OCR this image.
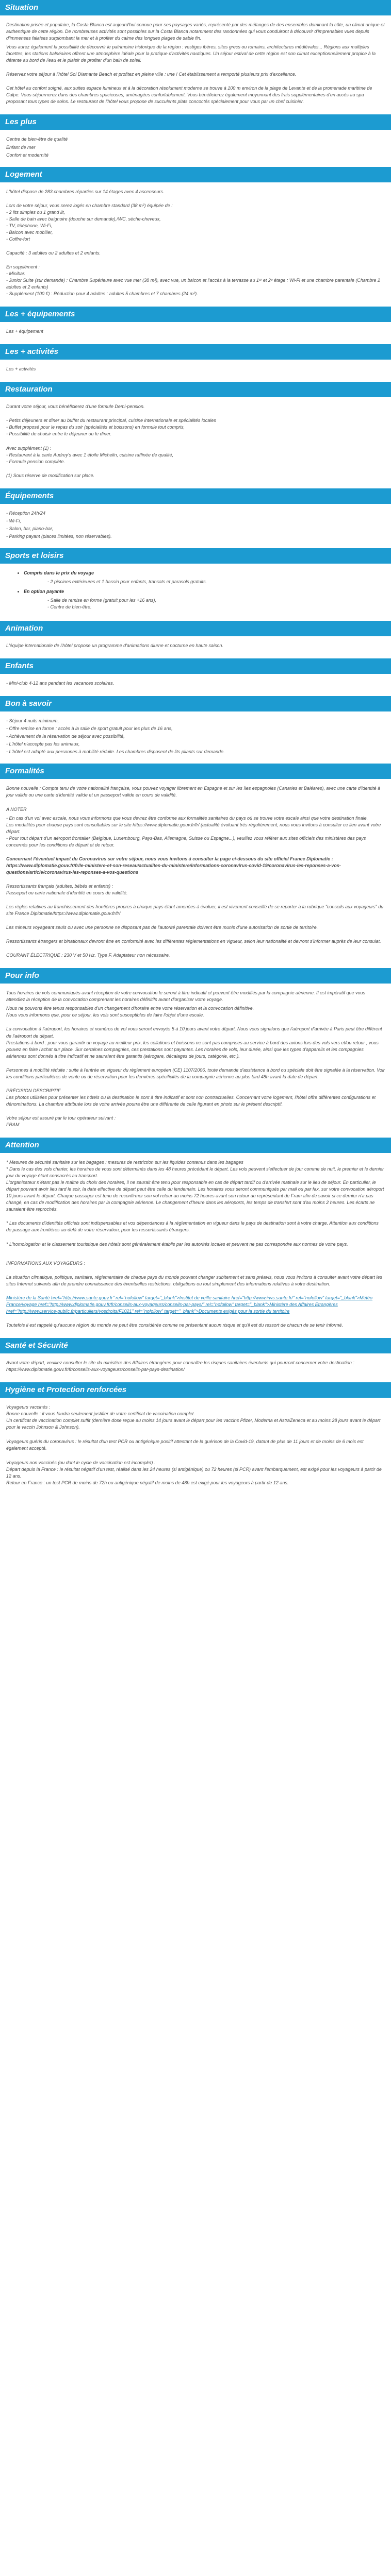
Situation

Destination prisée et populaire, la Costa Blanca est aujourd'hui connue pour ses paysages variés, représenté par des mélanges de des ensembles dominant la côte, un climat unique et authentique de cette région. De nombreuses activités sont possibles sur la Costa Blanca notamment des randonnées qui vous conduiront à découvrir d'imprenables vues depuis d'immenses falaises surplombant la mer et à profiter du calme des longues plages de sable fin.

Vous aurez également la possibilité de découvrir le patrimoine historique de la région : vestiges ibères, sites grecs ou romains, architectures médiévales... Régions aux multiples facettes, les stations balnéaires offrent une atmosphère idéale pour la pratique d'activités nautiques. Un séjour estival de cette région est son climat exceptionnellement propice à la détente au bord de l'eau et le plaisir de profiter d'un bain de soleil.

Réservez votre séjour à l'hôtel Sol Diamante Beach et profitez en pleine ville : une ! Cet établissement a remporté plusieurs prix d'excellence.

Cet hôtel au confort soigné, aux suites espace lumineux et à la décoration résolument moderne se trouve à 100 m environ de la plage de Levante et de la promenade maritime de Calpe. Vous séjournerez dans des chambres spacieuses, aménagées confortablement. Vous bénéficierez également moyennant des frais supplémentaires d'un accès au spa proposant tous types de soins. Le restaurant de l'hôtel vous propose de succulents plats concoctés spécialement pour vous par un chef cuisinier.

Les plus

Centre de bien-être de qualité

Enfant de mer

Confort et modernité

Logement

L'hôtel dispose de 283 chambres réparties sur 14 étages avec 4 ascenseurs.

Lors de votre séjour, vous serez logés en chambre standard (38 m²) équipée de :
- 2 lits simples ou 1 grand lit,
- Salle de bain avec baignoire (douche sur demande),/WC, sèche-cheveux,
- TV, téléphone, Wi-Fi,
- Balcon avec mobilier,
- Coffre-fort

Capacité : 3 adultes ou 2 adultes et 2 enfants.

En supplément :
- Minibar.
- Junior Suite (sur demande) : Chambre Supérieure avec vue mer (38 m²), avec vue, un balcon et l'accès à la terrasse au 1ᵉʳ et 2ᵉ étage : Wi-Fi et une chambre parentale (Chambre 2 adultes et 2 enfants)
- Supplément (100 €) : Réduction pour 4 adultes : adultes 5 chambres et 7 chambres (24 m²).

Les + équipements

Les + équipement

Les + activités

Les + activités

Restauration

Durant votre séjour, vous bénéficierez d'une formule Demi-pension.

- Petits déjeuners et dîner au buffet du restaurant principal, cuisine internationale et spécialités locales
- Buffet proposé pour le repas du soir (spécialités et boissons) en formule tout compris,
- Possibilité de choisir entre le déjeuner ou le dîner.

Avec supplément (1) :
- Restaurant à la carte Audrey's avec 1 étoile Michelin, cuisine raffinée de qualité,
- Formule pension complète.

(1) Sous réserve de modification sur place.

Équipements

- Réception 24h/24

- Wi-Fi,

- Salon, bar, piano-bar,

- Parking payant (places limitées, non réservables).

Sports et loisirs
• Compris dans le prix du voyage

- 2 piscines extérieures et 1 bassin pour enfants, transats et parasols gratuits.

• En option payante

- Salle de remise en forme (gratuit pour les +16 ans),
- Centre de bien-être.

Animation

L'équipe internationale de l'hôtel propose un programme d'animations diurne et nocturne en haute saison.

Enfants

- Mini-club 4-12 ans pendant les vacances scolaires.

Bon à savoir

- Séjour 4 nuits minimum,

- Offre remise en forme : accès à la salle de sport gratuit pour les plus de 16 ans,

- Achèvement de la réservation de séjour avec possibilité,

- L'hôtel n'accepte pas les animaux,

- L'hôtel est adapté aux personnes à mobilité réduite. Les chambres disposent de lits pliants sur demande.

Formalités

Bonne nouvelle : Compte tenu de votre nationalité française, vous pouvez voyager librement en Espagne et sur les îles espagnoles (Canaries et Baléares), avec une carte d'identité à jour valide ou une carte d'identité valide et un passeport valide en cours de validité.

A NOTER

- En cas d'un vol avec escale, nous vous informons que vous devrez être conforme aux formalités sanitaires du pays où se trouve votre escale ainsi que votre destination finale.
Les modalités pour chaque pays sont consultables sur le site https://www.diplomatie.gouv.fr/fr/ (actualité évoluant très régulièrement, nous vous invitons à consulter ce lien avant votre départ.
- Pour tout départ d'un aéroport frontalier (Belgique, Luxembourg, Pays-Bas, Allemagne, Suisse ou Espagne...), veuillez vous référer aux sites officiels des ministères des pays concernés pour les conditions de départ et de retour.

Concernant l'éventuel impact du Coronavirus sur votre séjour, nous vous invitons à consulter la page ci-dessous du site officiel France Diplomatie :
https://www.diplomatie.gouv.fr/fr/le-ministere-et-son-reseau/actualites-du-ministere/informations-coronavirus-covid-19/coronavirus-les-reponses-a-vos-questions/article/coronavirus-les-reponses-a-vos-questions

Ressortissants français (adultes, bébés et enfants) :
Passeport ou carte nationale d'identité en cours de validité.

Les règles relatives au franchissement des frontières propres à chaque pays étant amenées à évoluer, il est vivement conseillé de se reporter à la rubrique "conseils aux voyageurs" du site France Diplomatie/https://www.diplomatie.gouv.fr/fr/

Les mineurs voyageant seuls ou avec une personne ne disposant pas de l'autorité parentale doivent être munis d'une autorisation de sortie de territoire.

Ressortissants étrangers et binationaux devront être en conformité avec les différentes réglementations en vigueur, selon leur nationalité et devront s'informer auprès de leur consulat.

COURANT ÉLECTRIQUE : 230 V et 50 Hz. Type F. Adaptateur non nécessaire.

Pour info

Tous horaires de vols communiqués avant réception de votre convocation le seront à titre indicatif et peuvent être modifiés par la compagnie aérienne. Il est impératif que vous attendiez la réception de la convocation comprenant les horaires définitifs avant d'organiser votre voyage.

Nous ne pouvons être tenus responsables d'un changement d'horaire entre votre réservation et la convocation définitive.
Nous vous informons que, pour ce séjour, les vols sont susceptibles de faire l'objet d'une escale.

La convocation à l'aéroport, les horaires et numéros de vol vous seront envoyés 5 à 10 jours avant votre départ. Nous vous signalons que l'aéroport d'arrivée à Paris peut être différent de l'aéroport de départ.
Prestations à bord : pour vous garantir un voyage au meilleur prix, les collations et boissons ne sont pas comprises au service à bord des avions lors des vols vers et/ou retour ; vous pouvez en faire l'achat sur place. Sur certaines compagnies, ces prestations sont payantes. Les horaires de vols, leur durée, ainsi que les types d'appareils et les compagnies aériennes sont donnés à titre indicatif et ne sauraient être garantis (aérogare, décalages de jours, catégorie, etc.).

Personnes à mobilité réduite : suite à l'entrée en vigueur du règlement européen (CE) 1107/2006, toute demande d'assistance à bord ou spéciale doit être signalée à la réservation. Voir les conditions particulières de vente ou de réservation pour les dernières spécificités de la compagnie aérienne au plus tard 48h avant la date de départ.

PRÉCISION DESCRIPTIF
Les photos utilisées pour présenter les hôtels ou la destination le sont à titre indicatif et sont non contractuelles. Concernant votre logement, l'hôtel offre différentes configurations et dénominations. La chambre attribuée lors de votre arrivée pourra être une différente de celle figurant en photo sur le présent descriptif.

Votre séjour est assuré par le tour opérateur suivant :
FRAM

Attention

* Mesures de sécurité sanitaire sur les bagages : mesures de restriction sur les liquides contenus dans les bagages
* Dans le cas des vols charter, les horaires de vous sont déterminés dans les 48 heures précédant le départ. Les vols peuvent s'effectuer de jour comme de nuit, le premier et le dernier jour du voyage étant consacrés au transport.
L'organisateur n'étant pas le maître du choix des horaires, il ne saurait être tenu pour responsable en cas de départ tardif ou d'arrivée matinale sur le lieu de séjour. En particulier, le départ pouvant avoir lieu tard le soir, la date effective de départ peut être celle du lendemain. Les horaires vous seront communiqués par mail ou par fax, sur votre convocation aéroport 10 jours avant le départ. Chaque passager est tenu de reconfirmer son vol retour au moins 72 heures avant son retour au représentant de Fram afin de savoir si ce dernier n'a pas changé, en cas de modification des horaires par la compagnie aérienne. Le changement d'heure dans les aéroports, les temps de transfert sont d'au moins 2 heures. Les écarts ne sauraient être reprochés.

* Les documents d'identités officiels sont indispensables et vos dépendances à la réglementation en vigueur dans le pays de destination sont à votre charge. Attention aux conditions de passage aux frontières au-delà de votre réservation, pour les ressortissants étrangers.

* L'homologation et le classement touristique des hôtels sont généralement établis par les autorités locales et peuvent ne pas correspondre aux normes de votre pays.

INFORMATIONS AUX VOYAGEURS :

La situation climatique, politique, sanitaire, réglementaire de chaque pays du monde pouvant changer subitement et sans préavis, nous vous invitons à consulter avant votre départ les sites Internet suivants afin de prendre connaissance des éventuelles restrictions, obligations ou tout simplement des informations relatives à votre destination.

Ministère de la Santé href="http://www.sante.gouv.fr" rel="nofollow" target="_blank">Institut de veille sanitaire href="http://www.invs.sante.fr/" rel="nofollow" target="_blank">Météo France/voyage href="http://www.diplomatie.gouv.fr/fr/conseils-aux-voyageurs/conseils-par-pays/" rel="nofollow" target="_blank">Ministère des Affaires Etrangères href="http://www.service-public.fr/particuliers/vosdroits/F1021" rel="nofollow" target="_blank">Documents exigés pour la sortie du territoire

Toutefois il est rappelé qu'aucune région du monde ne peut être considérée comme ne présentant aucun risque et qu'il est du ressort de chacun de se tenir informé.

Santé et Sécurité

Avant votre départ, veuillez consulter le site du ministère des Affaires étrangères pour connaître les risques sanitaires éventuels qui pourront concerner votre destination : https://www.diplomatie.gouv.fr/fr/conseils-aux-voyageurs/conseils-par-pays-destination/

Hygiène et Protection renforcées

Voyageurs vaccinés :
Bonne nouvelle : il vous faudra seulement justifier de votre certificat de vaccination complet.
Un certificat de vaccination complet suffit (dernière dose reçue au moins 14 jours avant le départ pour les vaccins Pfizer, Moderna et AstraZeneca et au moins 28 jours avant le départ pour le vaccin Johnson & Johnson).

Voyageurs guéris du coronavirus : le résultat d'un test PCR ou antigénique positif attestant de la guérison de la Covid-19, datant de plus de 11 jours et de moins de 6 mois est également accepté.

Voyageurs non vaccinés (ou dont le cycle de vaccination est incomplet) :
Départ depuis la France : le résultat négatif d'un test, réalisé dans les 24 heures (si antigénique) ou 72 heures (si PCR) avant l'embarquement, est exigé pour les voyageurs à partir de 12 ans.
Retour en France : un test PCR de moins de 72h ou antigénique négatif de moins de 48h est exigé pour les voyageurs à partir de 12 ans.
